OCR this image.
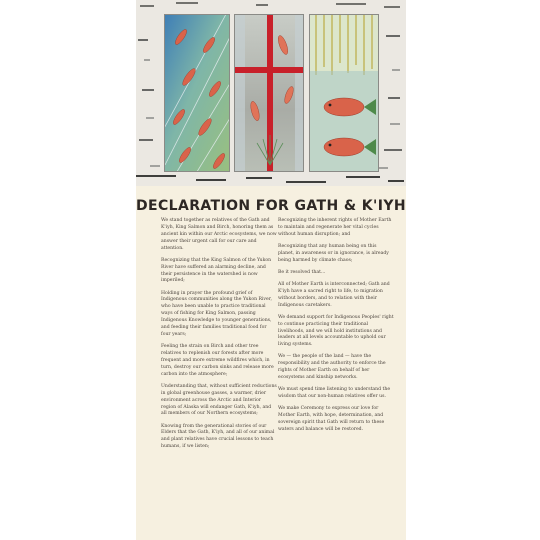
DECLARATION FOR GATH & K'IYH

We stand together as relatives of the Gath and K'iyh, King Salmon and Birch, honoring them as ancient kin within our Arctic ecosystems, we now answer their urgent call for our care and attention.

Recognizing that the King Salmon of the Yukon River have suffered an alarming decline, and their persistence in the watershed is now imperiled;

Holding in prayer the profound grief of Indigenous communities along the Yukon River, who have been unable to practice traditional ways of fishing for King Salmon, passing Indigenous Knowledge to younger generations, and feeding their families traditional food for four years;

Feeling the strain on Birch and other tree relatives to replenish our forests after more frequent and more extreme wildfires which, in turn, destroy our carbon sinks and release more carbon into the atmosphere;

Understanding that, without sufficient reductions in global greenhouse gasses, a warmer, drier environment across the Arctic and Interior region of Alaska will endanger Gath, K'iyh, and all members of our Northern ecosystems;

Knowing from the generational stories of our Elders that the Gath, K'iyh, and all of our animal and plant relatives have crucial lessons to teach humans, if we listen;

Recognizing the inherent rights of Mother Earth to maintain and regenerate her vital cycles without human disruption; and

Recognizing that any human being on this planet, in awareness or in ignorance, is already being harmed by climate chaos;

Be it resolved that...

All of Mother Earth is interconnected; Gath and K'iyh have a sacred right to life, to migration without borders, and to relation with their Indigenous caretakers.

We demand support for Indigenous Peoples' right to continue practicing their traditional livelihoods, and we will hold institutions and leaders at all levels accountable to uphold our living systems.

We — the people of the land — have the responsibility and the authority to enforce the rights of Mother Earth on behalf of her ecosystems and kinship networks.

We must spend time listening to understand the wisdom that our non-human relatives offer us.

We make Ceremony to express our love for Mother Earth, with hope, determination, and sovereign spirit that Gath will return to these waters and balance will be restored.
